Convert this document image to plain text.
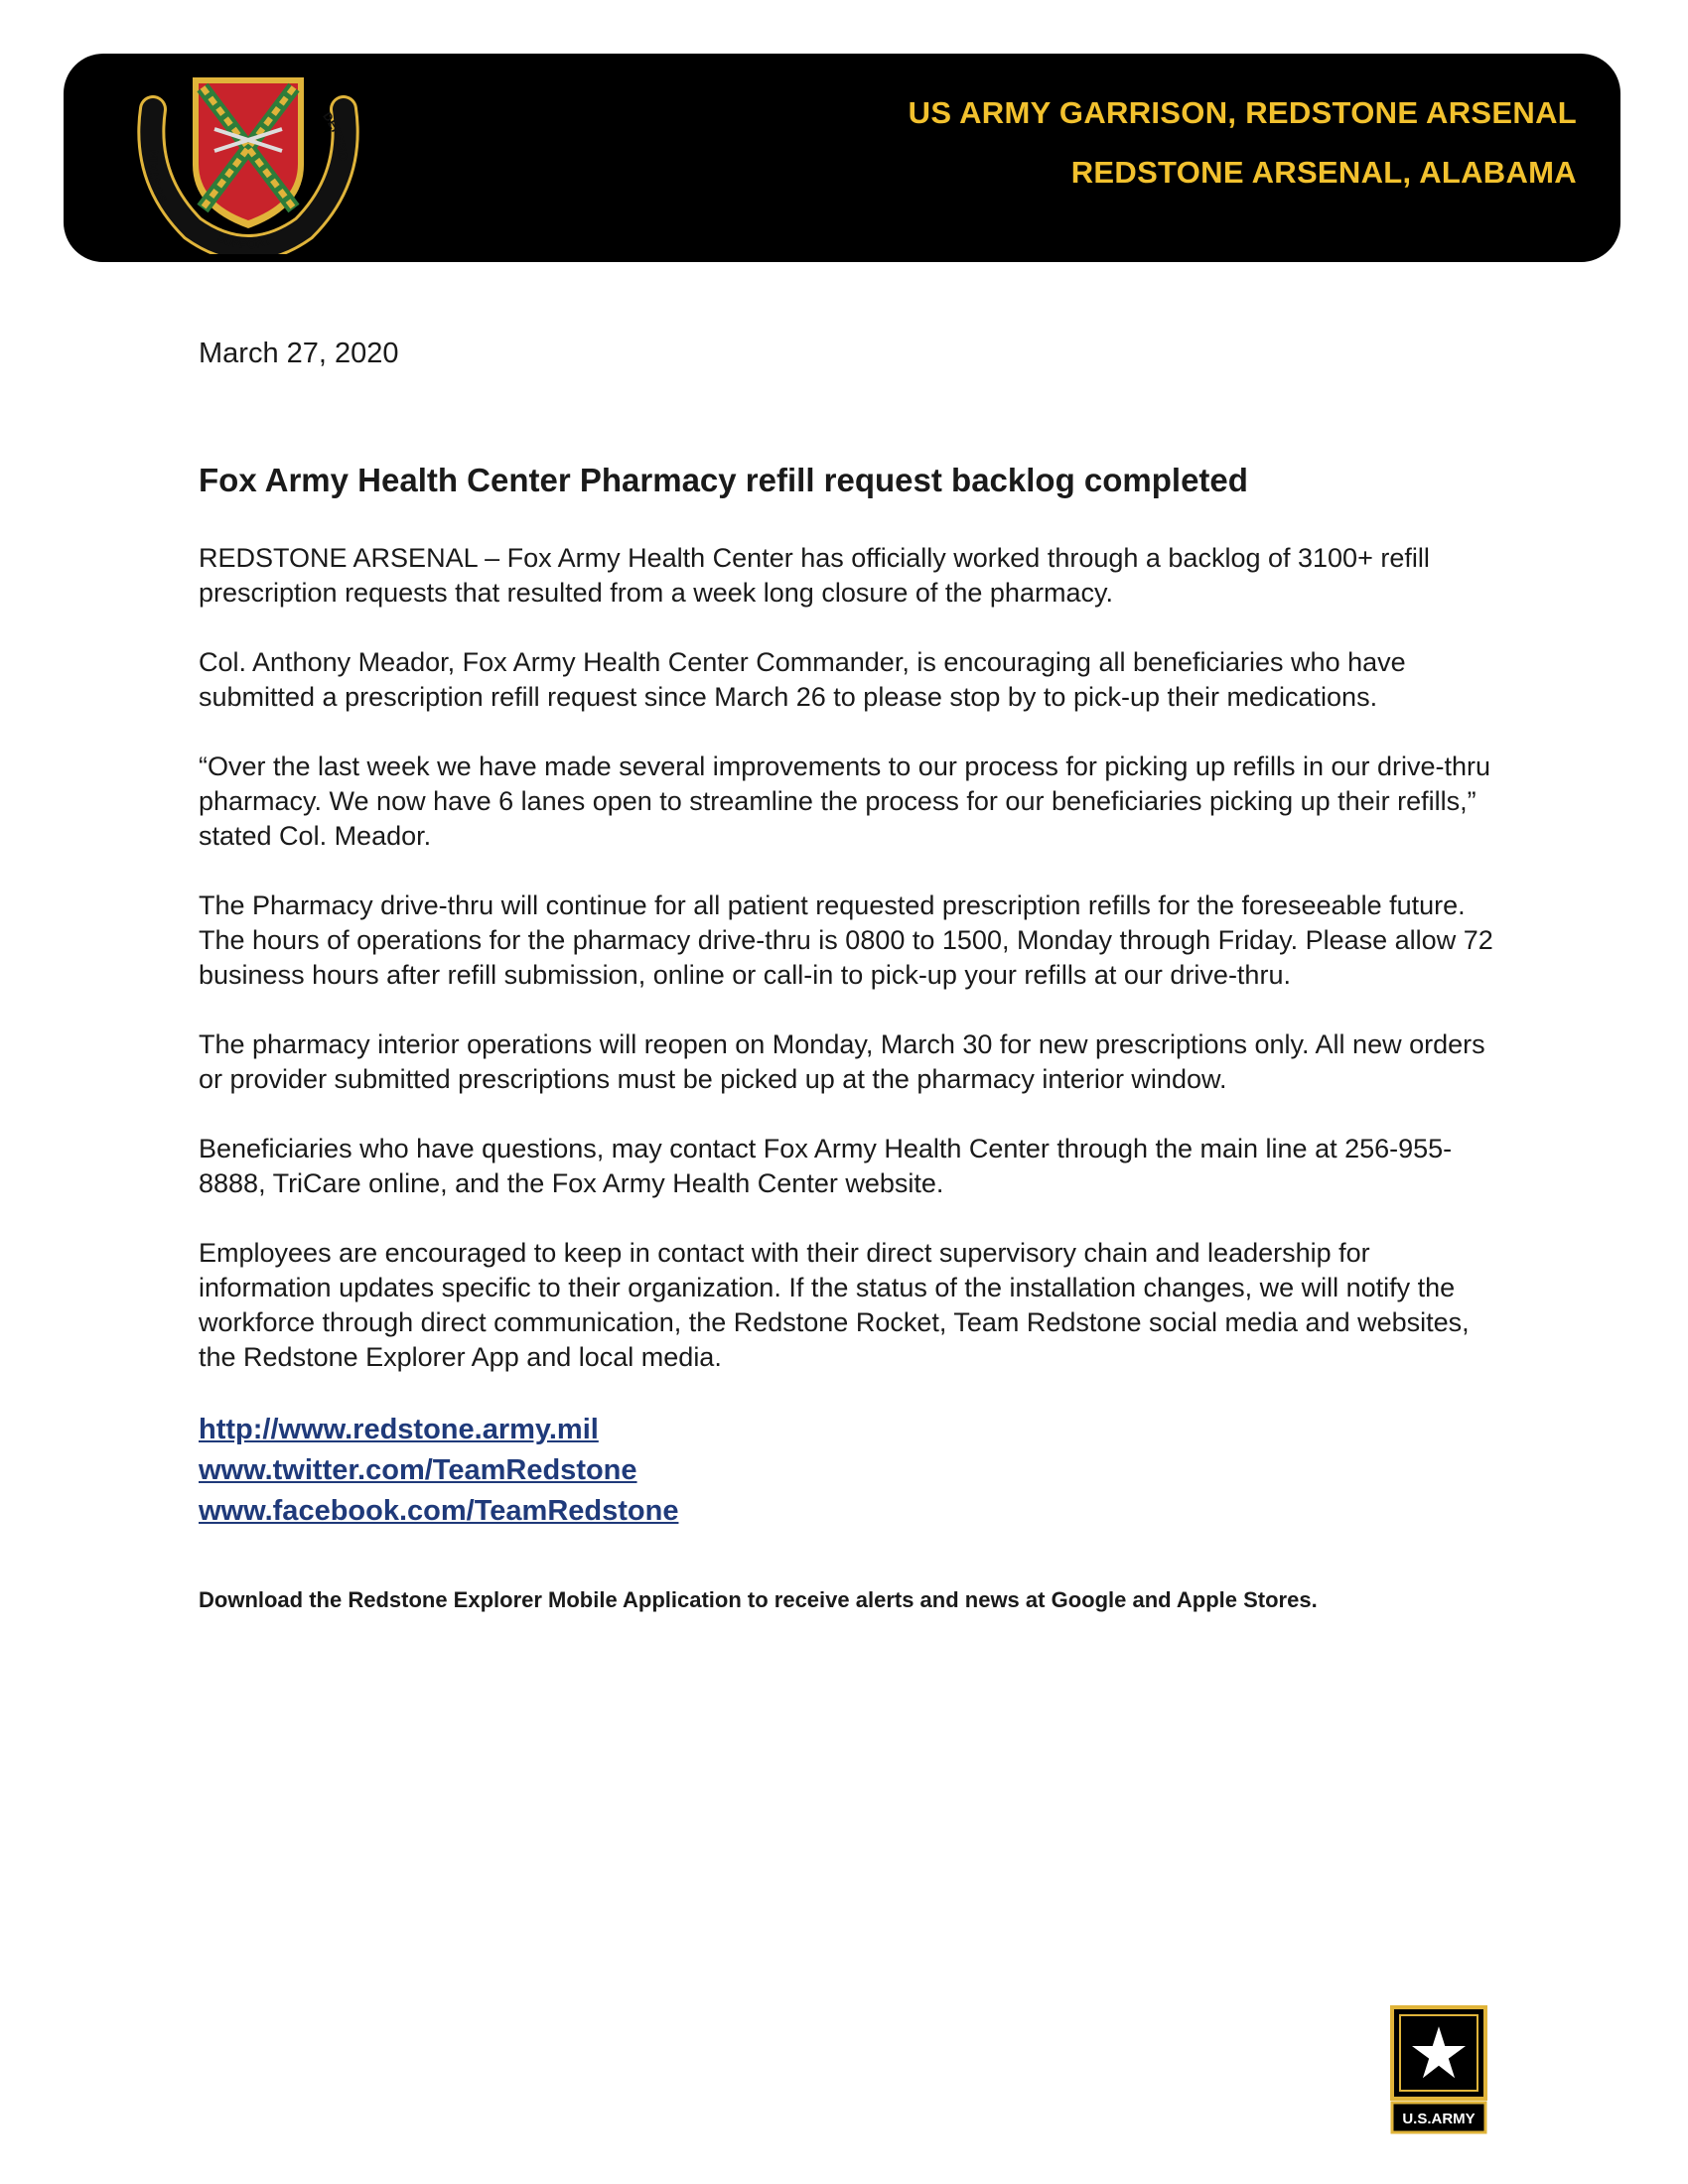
SUSTAIN
SUPPORT
DEFEND
US ARMY GARRISON, REDSTONE ARSENAL
REDSTONE ARSENAL, ALABAMA
March 27, 2020
Fox Army Health Center Pharmacy refill request backlog completed

REDSTONE ARSENAL – Fox Army Health Center has officially worked through a backlog of 3100+ refill prescription requests that resulted from a week long closure of the pharmacy.

Col. Anthony Meador, Fox Army Health Center Commander, is encouraging all beneficiaries who have submitted a prescription refill request since March 26 to please stop by to pick-up their medications.

“Over the last week we have made several improvements to our process for picking up refills in our drive-thru pharmacy. We now have 6 lanes open to streamline the process for our beneficiaries picking up their refills,” stated Col. Meador.

The Pharmacy drive-thru will continue for all patient requested prescription refills for the foreseeable future. The hours of operations for the pharmacy drive-thru is 0800 to 1500, Monday through Friday. Please allow 72 business hours after refill submission, online or call-in to pick-up your refills at our drive-thru.

The pharmacy interior operations will reopen on Monday, March 30 for new prescriptions only. All new orders or provider submitted prescriptions must be picked up at the pharmacy interior window.

Beneficiaries who have questions, may contact Fox Army Health Center through the main line at 256-955-8888, TriCare online, and the Fox Army Health Center website.

Employees are encouraged to keep in contact with their direct supervisory chain and leadership for information updates specific to their organization. If the status of the installation changes, we will notify the workforce through direct communication, the Redstone Rocket, Team Redstone social media and websites, the Redstone Explorer App and local media.

http://www.redstone.army.mil
www.twitter.com/TeamRedstone
www.facebook.com/TeamRedstone
Download the Redstone Explorer Mobile Application to receive alerts and news at Google and Apple Stores.
U.S.ARMY
